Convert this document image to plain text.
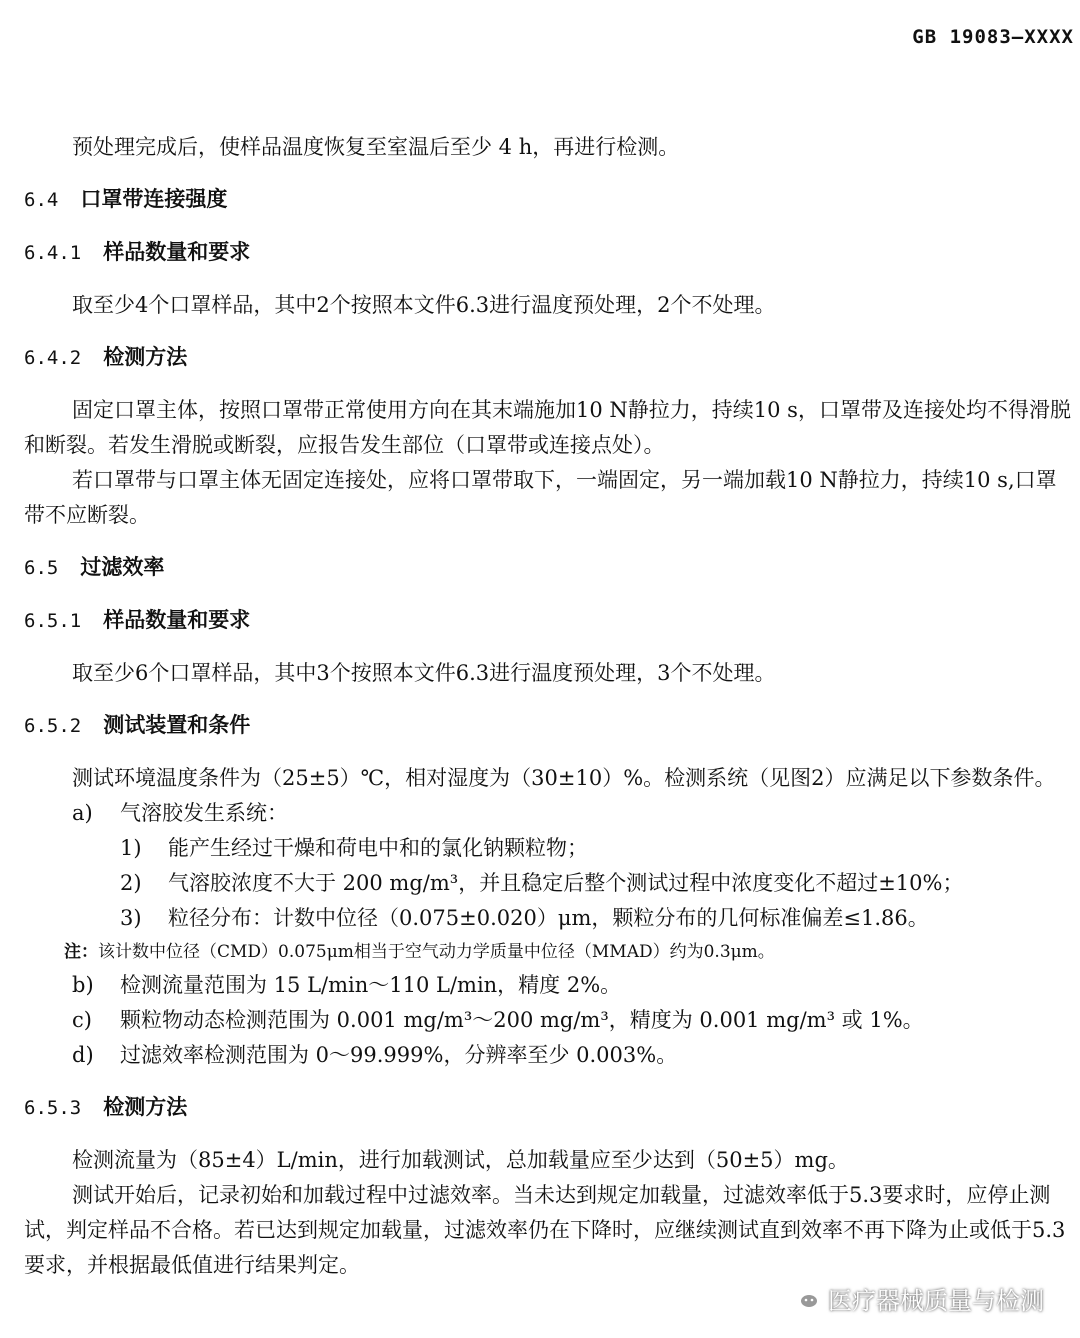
GB 19083—XXXX

预处理完成后，使样品温度恢复至室温后至少 4 h，再进行检测。

6.4 口罩带连接强度

6.4.1 样品数量和要求

取至少4个口罩样品，其中2个按照本文件6.3进行温度预处理，2个不处理。

6.4.2 检测方法

固定口罩主体，按照口罩带正常使用方向在其末端施加10 N静拉力，持续10 s，口罩带及连接处均不得滑脱和断裂。若发生滑脱或断裂，应报告发生部位（口罩带或连接点处）。

若口罩带与口罩主体无固定连接处，应将口罩带取下，一端固定，另一端加载10 N静拉力，持续10 s,口罩带不应断裂。

6.5 过滤效率

6.5.1 样品数量和要求

取至少6个口罩样品，其中3个按照本文件6.3进行温度预处理，3个不处理。

6.5.2 测试装置和条件

测试环境温度条件为（25±5）℃，相对湿度为（30±10）%。检测系统（见图2）应满足以下参数条件。

a) 气溶胶发生系统：

1) 能产生经过干燥和荷电中和的氯化钠颗粒物；

2) 气溶胶浓度不大于 200 mg/m³，并且稳定后整个测试过程中浓度变化不超过±10%；

3) 粒径分布：计数中位径（0.075±0.020）μm，颗粒分布的几何标准偏差≤1.86。

注：该计数中位径（CMD）0.075μm相当于空气动力学质量中位径（MMAD）约为0.3μm。

b) 检测流量范围为 15 L/min～110 L/min，精度 2%。

c) 颗粒物动态检测范围为 0.001 mg/m³～200 mg/m³，精度为 0.001 mg/m³ 或 1%。

d) 过滤效率检测范围为 0～99.999%，分辨率至少 0.003%。

6.5.3 检测方法

检测流量为（85±4）L/min，进行加载测试，总加载量应至少达到（50±5）mg。

测试开始后，记录初始和加载过程中过滤效率。当未达到规定加载量，过滤效率低于5.3要求时，应停止测试，判定样品不合格。若已达到规定加载量，过滤效率仍在下降时，应继续测试直到效率不再下降为止或低于5.3要求，并根据最低值进行结果判定。

医疗器械质量与检测
